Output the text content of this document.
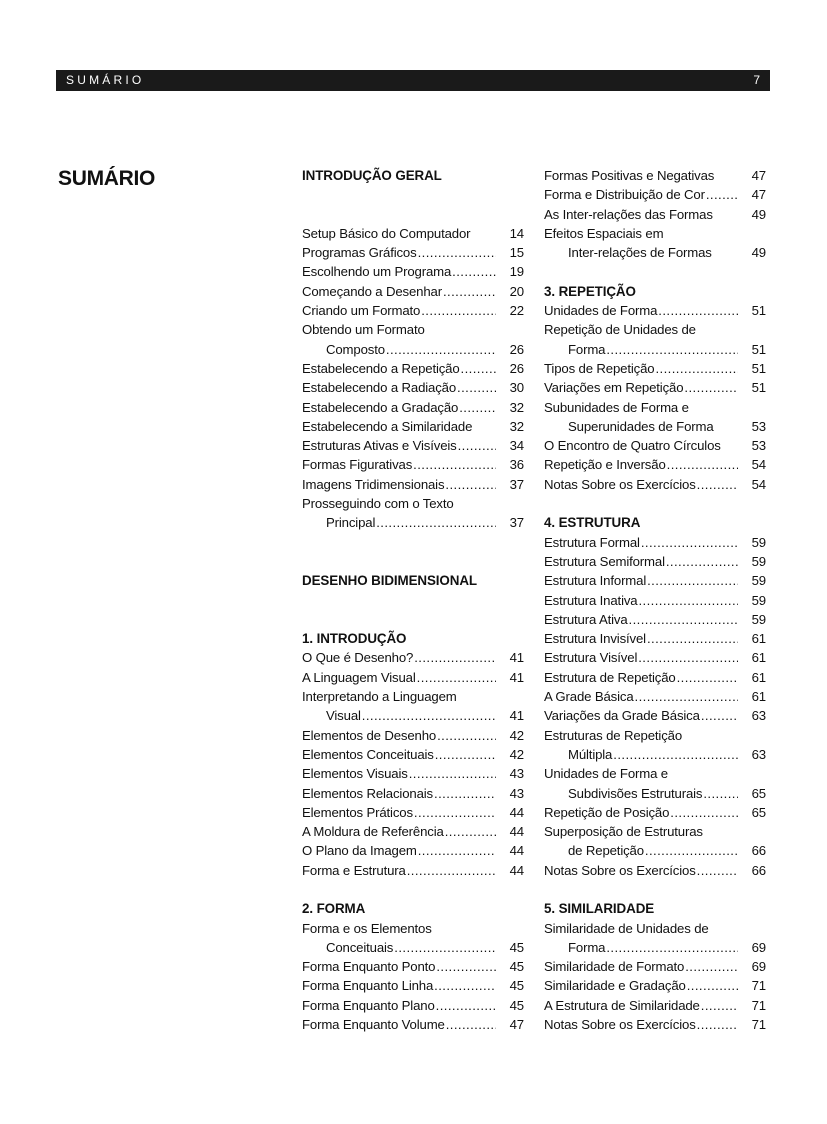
SUMÁRIO	7
SUMÁRIO	INTRODUÇÃO GERAL
Setup Básico do Computador	14
Programas Gráficos .....	15
Escolhendo um Programa .....	19
Começando a Desenhar .....	20
Criando um Formato .....	22
Obtendo um Formato
Composto .....	26
Estabelecendo a Repetição .....	26
Estabelecendo a Radiação .....	30
Estabelecendo a Gradação .....	32
Estabelecendo a Similaridade	32
Estruturas Ativas e Visíveis .....	34
Formas Figurativas .....	36
Imagens Tridimensionais .....	37
Prosseguindo com o Texto
Principal .....	37
DESENHO BIDIMENSIONAL
1. INTRODUÇÃO
O Que é Desenho? .....	41
A Linguagem Visual .....	41
Interpretando a Linguagem
Visual .....	41
Elementos de Desenho .....	42
Elementos Conceituais .....	42
Elementos Visuais .....	43
Elementos Relacionais .....	43
Elementos Práticos .....	44
A Moldura de Referência .....	44
O Plano da Imagem .....	44
Forma e Estrutura .....	44
2. FORMA
Forma e os Elementos
Conceituais .....	45
Forma Enquanto Ponto .....	45
Forma Enquanto Linha .....	45
Forma Enquanto Plano .....	45
Forma Enquanto Volume .....	47
Formas Positivas e Negativas	47
Forma e Distribuição de Cor .....	47
As Inter-relações das Formas	49
Efeitos Espaciais em
Inter-relações de Formas	49
3. REPETIÇÃO
Unidades de Forma .....	51
Repetição de Unidades de
Forma .....	51
Tipos de Repetição .....	51
Variações em Repetição .....	51
Subunidades de Forma e
Superunidades de Forma	53
O Encontro de Quatro Círculos	53
Repetição e Inversão .....	54
Notas Sobre os Exercícios .....	54
4. ESTRUTURA
Estrutura Formal .....	59
Estrutura Semiformal .....	59
Estrutura Informal .....	59
Estrutura Inativa .....	59
Estrutura Ativa .....	59
Estrutura Invisível .....	61
Estrutura Visível .....	61
Estrutura de Repetição .....	61
A Grade Básica .....	61
Variações da Grade Básica .....	63
Estruturas de Repetição
Múltipla .....	63
Unidades de Forma e
Subdivisões Estruturais .....	65
Repetição de Posição .....	65
Superposição de Estruturas
de Repetição .....	66
Notas Sobre os Exercícios .....	66
5. SIMILARIDADE
Similaridade de Unidades de
Forma .....	69
Similaridade de Formato .....	69
Similaridade e Gradação .....	71
A Estrutura de Similaridade .....	71
Notas Sobre os Exercícios .....	71
